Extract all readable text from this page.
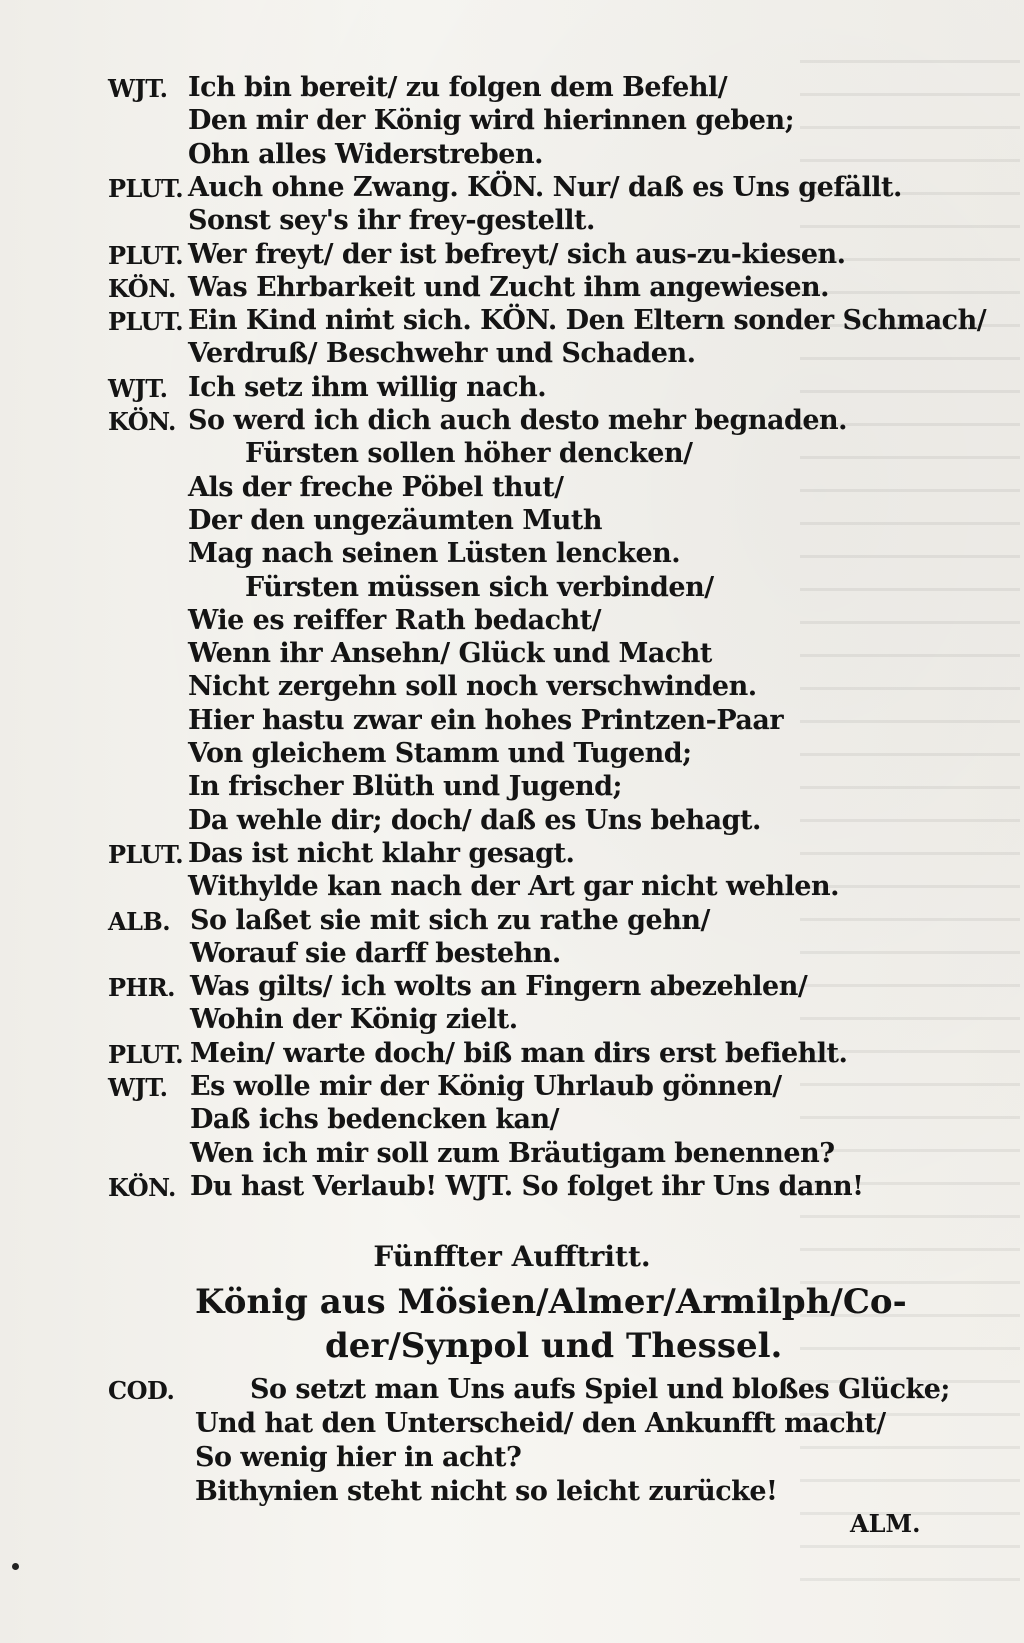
WJT. Ich bin bereit/ zu folgen dem Befehl/
Den mir der König wird hierinnen geben;
Ohn alles Widerstreben.
PLUT. Auch ohne Zwang. KÖN. Nur/ daß es Uns gefällt.
Sonst sey's ihr frey-gestellt.
PLUT. Wer freyt/ der ist befreyt/ sich aus-zu-kiesen.
KÖN. Was Ehrbarkeit und Zucht ihm angewiesen.
PLUT. Ein Kind niṁt sich. KÖN. Den Eltern sonder Schmach/
Verdruß/ Beschwehr und Schaden.
WJT. Ich setz ihm willig nach.
KÖN. So werd ich dich auch desto mehr begnaden.
Fürsten sollen höher dencken/
Als der freche Pöbel thut/
Der den ungezäumten Muth
Mag nach seinen Lüsten lencken.
Fürsten müssen sich verbinden/
Wie es reiffer Rath bedacht/
Wenn ihr Ansehn/ Glück und Macht
Nicht zergehn soll noch verschwinden.
Hier hastu zwar ein hohes Printzen-Paar
Von gleichem Stamm und Tugend;
In frischer Blüth und Jugend;
Da wehle dir; doch/ daß es Uns behagt.
PLUT. Das ist nicht klahr gesagt.
Withylde kan nach der Art gar nicht wehlen.
ALB. So laßet sie mit sich zu rathe gehn/
Worauf sie darff bestehn.
PHR. Was gilts/ ich wolts an Fingern abezehlen/
Wohin der König zielt.
PLUT. Mein/ warte doch/ biß man dirs erst befiehlt.
WJT. Es wolle mir der König Uhrlaub gönnen/
Daß ichs bedencken kan/
Wen ich mir soll zum Bräutigam benennen?
KÖN. Du hast Verlaub! WJT. So folget ihr Uns dann!
Fünffter Aufftritt.
König aus Mösien/Almer/Armilph/Co-
der/Synpol und Thessel.
COD.	So setzt man Uns aufs Spiel und bloßes Glücke;
Und hat den Unterscheid/ den Ankunfft macht/
So wenig hier in acht?
Bithynien steht nicht so leicht zurücke!
ALM.
